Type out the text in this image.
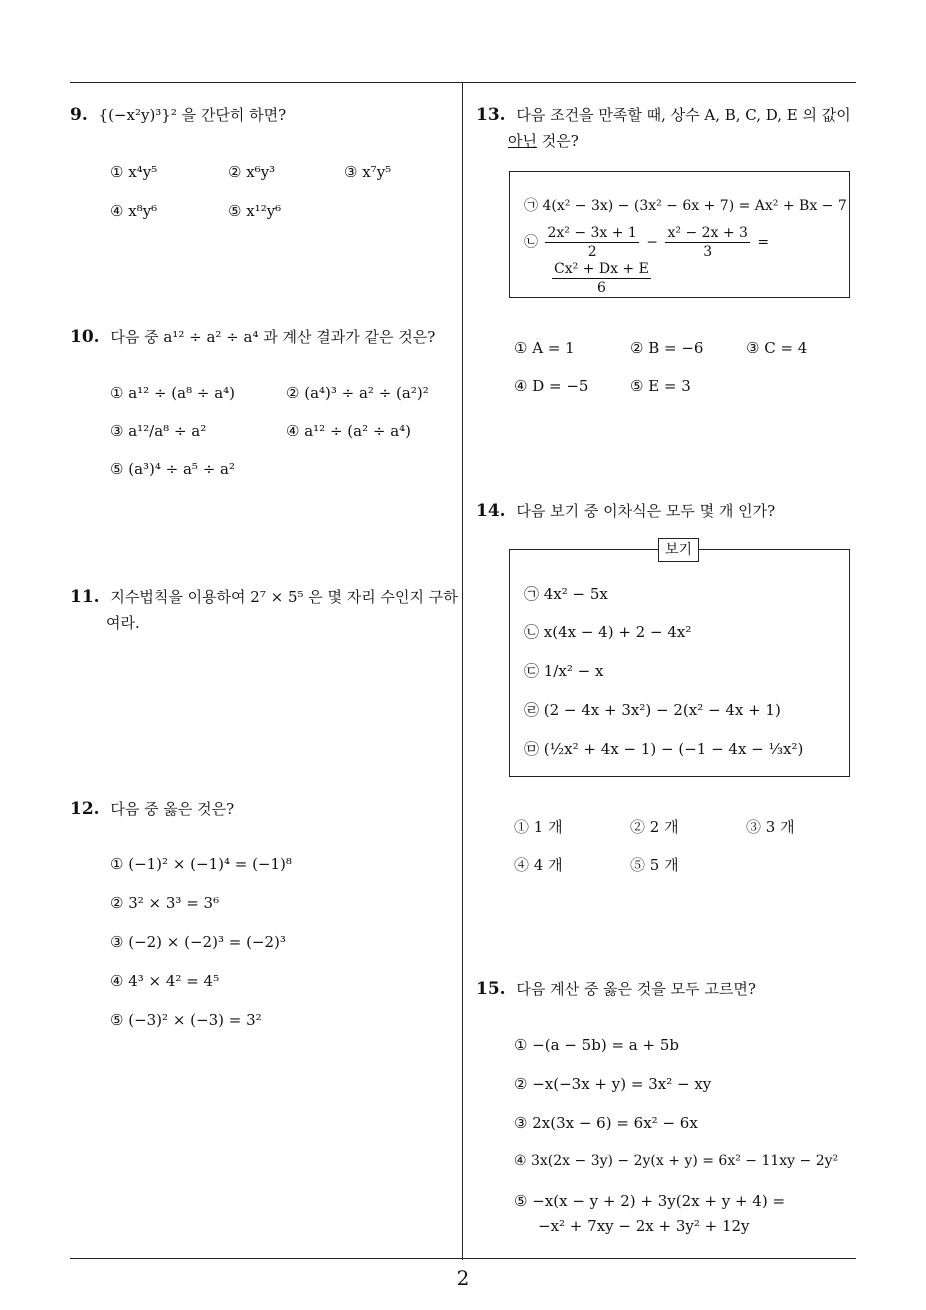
2
9. {(−x²y)³}² 을 간단히 하면?
① x⁴y⁵	② x⁶y³	③ x⁷y⁵
④ x⁸y⁶	⑤ x¹²y⁶
10. 다음 중 a¹² ÷ a² ÷ a⁴ 과 계산 결과가 같은 것은?
① a¹² ÷ (a⁸ ÷ a⁴)	② (a⁴)³ ÷ a² ÷ (a²)²
③ a¹²/a⁸ ÷ a²	④ a¹² ÷ (a² ÷ a⁴)
⑤ (a³)⁴ ÷ a⁵ ÷ a²
11. 지수법칙을 이용하여 2⁷ × 5⁵ 은 몇 자리 수인지 구하
여라.
12. 다음 중 옳은 것은?
① (−1)² × (−1)⁴ = (−1)⁸
② 3² × 3³ = 3⁶
③ (−2) × (−2)³ = (−2)³
④ 4³ × 4² = 4⁵
⑤ (−3)² × (−3) = 3²
13. 다음 조건을 만족할 때, 상수 A, B, C, D, E 의 값이
아닌 것은?
㉠ 4(x² − 3x) − (3x² − 6x + 7) = Ax² + Bx − 7
㉡ $\frac{\text{2x² − 3x + 1}}{2} - \frac{\text{x² − 2x + 3}}{3}$ =
$\frac{\text{Cx² + Dx + E}}{6}$
① A = 1	② B = −6	③ C = 4
④ D = −5	⑤ E = 3
14. 다음 보기 중 이차식은 모두 몇 개 인가?
보기
㉠ 4x² − 5x
㉡ x(4x − 4) + 2 − 4x²
㉢ 1/x² − x
㉣ (2 − 4x + 3x²) − 2(x² − 4x + 1)
㉤ (½x² + 4x − 1) − (−1 − 4x − ⅓x²)
① 1 개	② 2 개	③ 3 개
④ 4 개	⑤ 5 개
15. 다음 계산 중 옳은 것을 모두 고르면?
① −(a − 5b) = a + 5b
② −x(−3x + y) = 3x² − xy
③ 2x(3x − 6) = 6x² − 6x
④ 3x(2x − 3y) − 2y(x + y) = 6x² − 11xy − 2y²
⑤ −x(x − y + 2) + 3y(2x + y + 4) =
−x² + 7xy − 2x + 3y² + 12y
